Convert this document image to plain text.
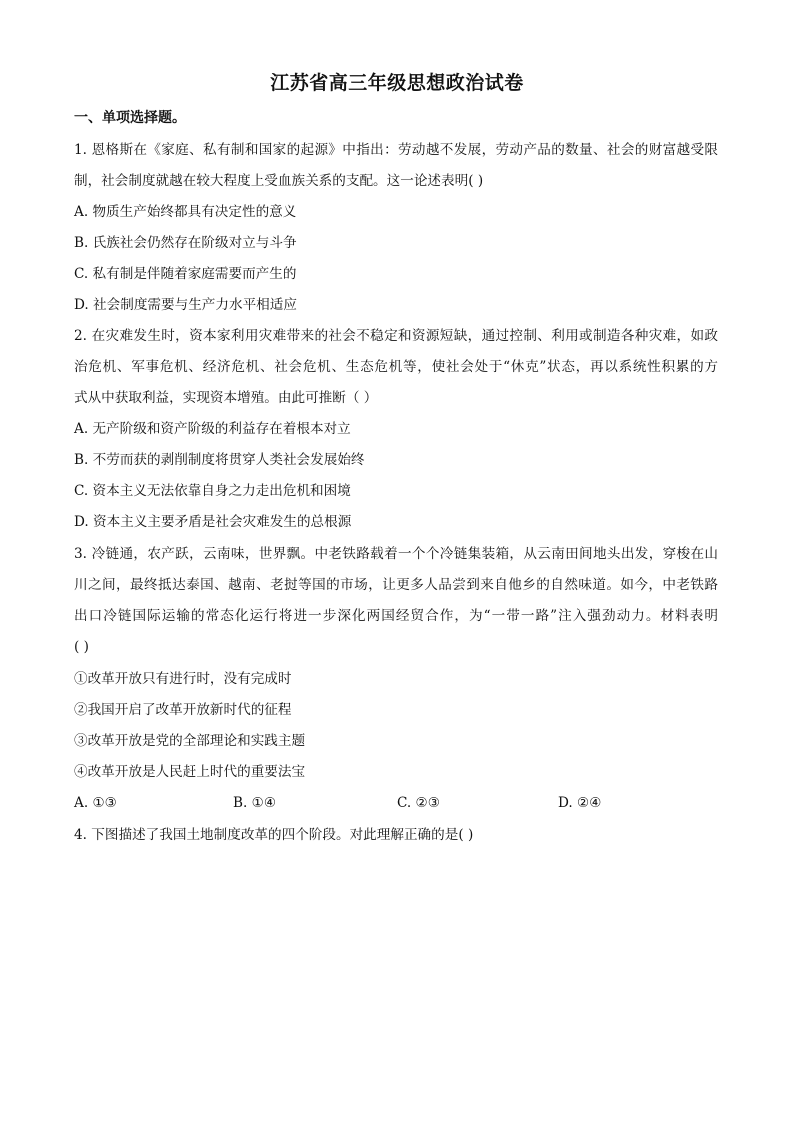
江苏省高三年级思想政治试卷
一、单项选择题。
1. 恩格斯在《家庭、私有制和国家的起源》中指出：劳动越不发展，劳动产品的数量、社会的财富越受限
制，社会制度就越在较大程度上受血族关系的支配。这一论述表明( )
A. 物质生产始终都具有决定性的意义
B. 氏族社会仍然存在阶级对立与斗争
C. 私有制是伴随着家庭需要而产生的
D. 社会制度需要与生产力水平相适应
2. 在灾难发生时，资本家利用灾难带来的社会不稳定和资源短缺，通过控制、利用或制造各种灾难，如政
治危机、军事危机、经济危机、社会危机、生态危机等，使社会处于“休克”状态，再以系统性积累的方
式从中获取利益，实现资本增殖。由此可推断（ ）
A. 无产阶级和资产阶级的利益存在着根本对立
B. 不劳而获的剥削制度将贯穿人类社会发展始终
C. 资本主义无法依靠自身之力走出危机和困境
D. 资本主义主要矛盾是社会灾难发生的总根源
3. 冷链通，农产跃，云南味，世界飘。中老铁路载着一个个冷链集装箱，从云南田间地头出发，穿梭在山
川之间，最终抵达泰国、越南、老挝等国的市场，让更多人品尝到来自他乡的自然味道。如今，中老铁路
出口冷链国际运输的常态化运行将进一步深化两国经贸合作，为“一带一路”注入强劲动力。材料表明
( )
①改革开放只有进行时，没有完成时
②我国开启了改革开放新时代的征程
③改革开放是党的全部理论和实践主题
④改革开放是人民赶上时代的重要法宝
A. ①③	B. ①④	C. ②③	D. ②④
4. 下图描述了我国土地制度改革的四个阶段。对此理解正确的是( )
